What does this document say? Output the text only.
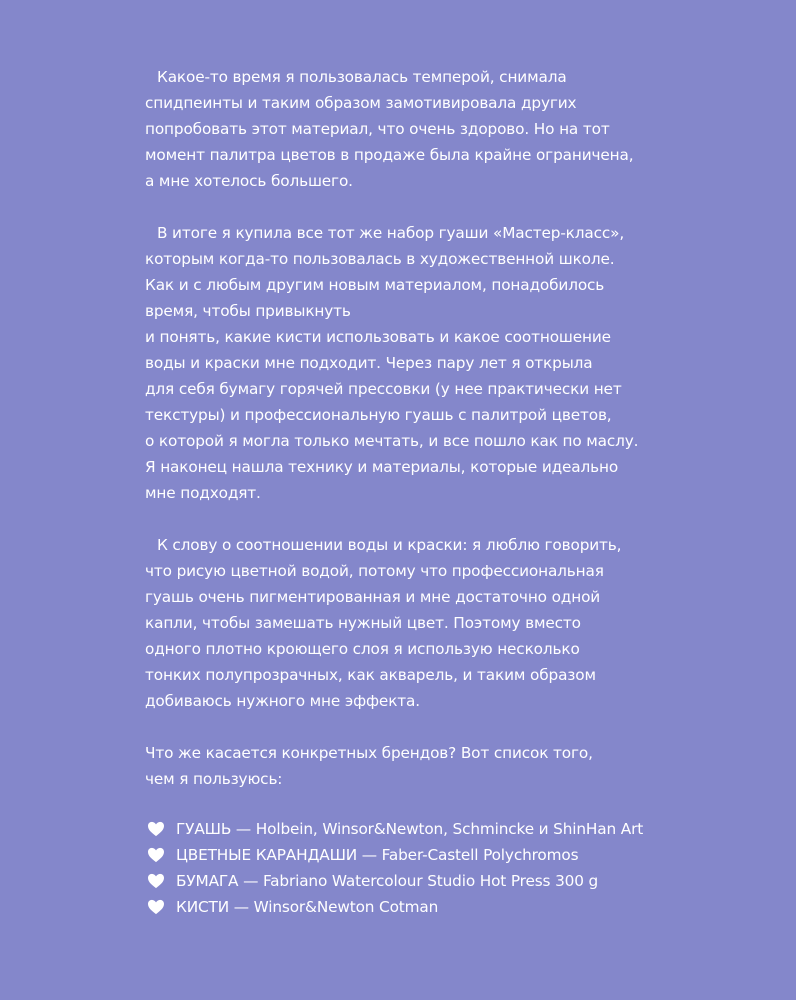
Какое-то время я пользовалась темперой, снимала
спидпеинты и таким образом замотивировала других
попробовать этот материал, что очень здорово. Но на тот
момент палитра цветов в продаже была крайне ограничена,
а мне хотелось большего.
В итоге я купила все тот же набор гуаши «Мастер-класс»,
которым когда-то пользовалась в художественной школе.
Как и с любым другим новым материалом, понадобилось
время, чтобы привыкнуть
и понять, какие кисти использовать и какое соотношение
воды и краски мне подходит. Через пару лет я открыла
для себя бумагу горячей прессовки (у нее практически нет
текстуры) и профессиональную гуашь с палитрой цветов,
о которой я могла только мечтать, и все пошло как по маслу.
Я наконец нашла технику и материалы, которые идеально
мне подходят.
К слову о соотношении воды и краски: я люблю говорить,
что рисую цветной водой, потому что профессиональная
гуашь очень пигментированная и мне достаточно одной
капли, чтобы замешать нужный цвет. Поэтому вместо
одного плотно кроющего слоя я использую несколько
тонких полупрозрачных, как акварель, и таким образом
добиваюсь нужного мне эффекта.
Что же касается конкретных брендов? Вот список того,
чем я пользуюсь:
ГУАШЬ — Holbein, Winsor&Newton, Schmincke и ShinHan Art
ЦВЕТНЫЕ КАРАНДАШИ — Faber-Castell Polychromos
БУМАГА — Fabriano Watercolour Studio Hot Press 300 g
КИСТИ — Winsor&Newton Cotman
